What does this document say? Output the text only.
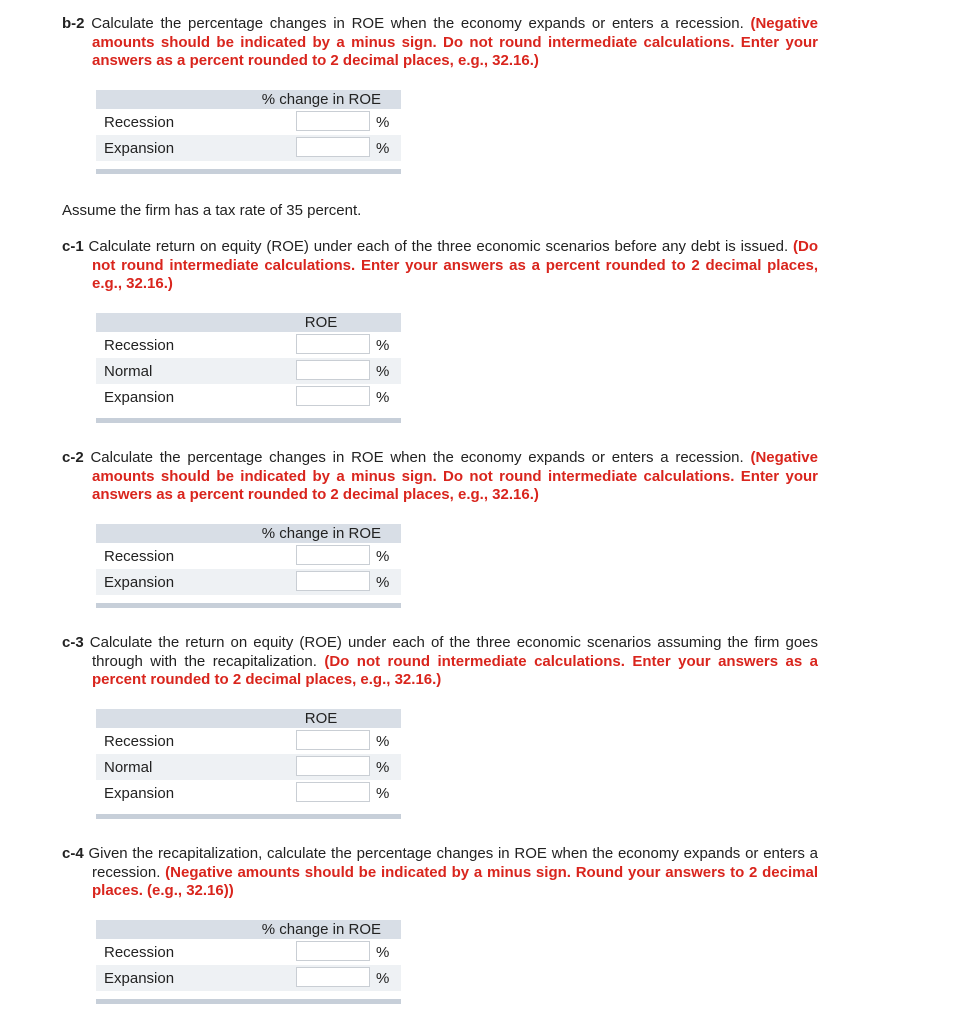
b-2 Calculate the percentage changes in ROE when the economy expands or enters a recession. (Negative amounts should be indicated by a minus sign. Do not round intermediate calculations. Enter your answers as a percent rounded to 2 decimal places, e.g., 32.16.)
% change in ROE
Recession	%
Expansion	%
Assume the firm has a tax rate of 35 percent.
c-1 Calculate return on equity (ROE) under each of the three economic scenarios before any debt is issued. (Do not round intermediate calculations. Enter your answers as a percent rounded to 2 decimal places, e.g., 32.16.)
ROE
Recession	%
Normal	%
Expansion	%
c-2 Calculate the percentage changes in ROE when the economy expands or enters a recession. (Negative amounts should be indicated by a minus sign. Do not round intermediate calculations. Enter your answers as a percent rounded to 2 decimal places, e.g., 32.16.)
% change in ROE
Recession	%
Expansion	%
c-3 Calculate the return on equity (ROE) under each of the three economic scenarios assuming the firm goes through with the recapitalization. (Do not round intermediate calculations. Enter your answers as a percent rounded to 2 decimal places, e.g., 32.16.)
ROE
Recession	%
Normal	%
Expansion	%
c-4 Given the recapitalization, calculate the percentage changes in ROE when the economy expands or enters a recession. (Negative amounts should be indicated by a minus sign. Round your answers to 2 decimal places. (e.g., 32.16))
% change in ROE
Recession	%
Expansion	%
